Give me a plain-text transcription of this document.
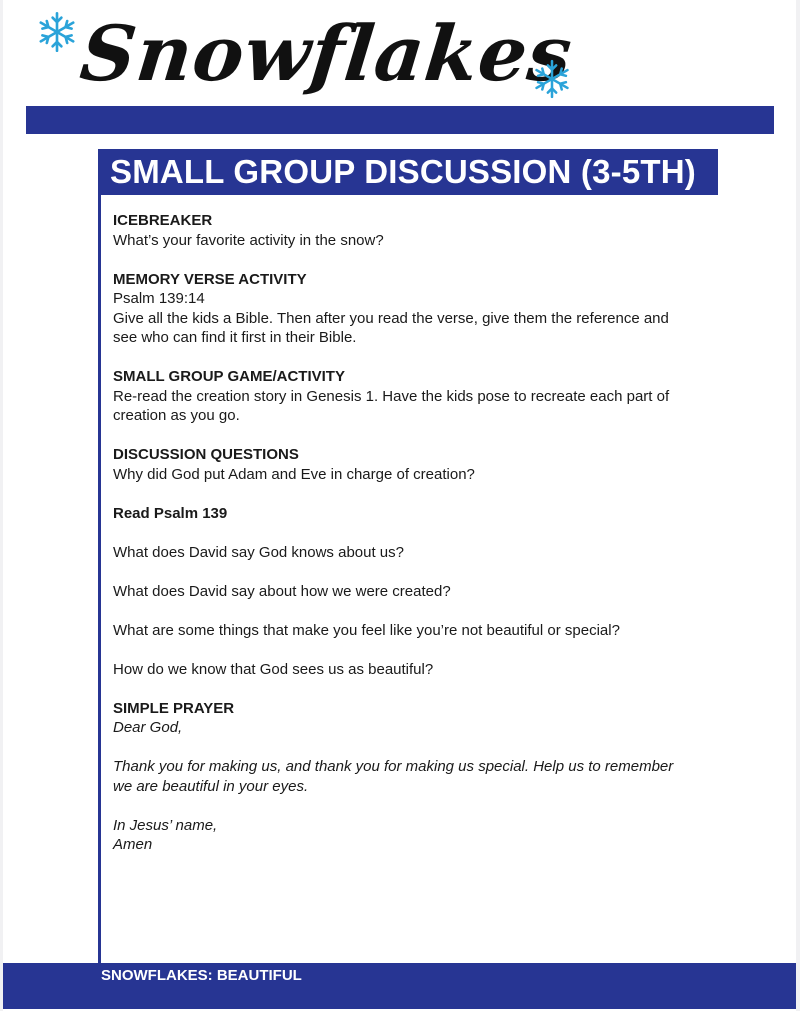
Snowflakes
SMALL GROUP DISCUSSION (3-5TH)
ICEBREAKER
What’s your favorite activity in the snow?
MEMORY VERSE ACTIVITY
Psalm 139:14
Give all the kids a Bible. Then after you read the verse, give them the reference and
see who can find it first in their Bible.
SMALL GROUP GAME/ACTIVITY
Re-read the creation story in Genesis 1. Have the kids pose to recreate each part of
creation as you go.
DISCUSSION QUESTIONS
Why did God put Adam and Eve in charge of creation?
Read Psalm 139
What does David say God knows about us?
What does David say about how we were created?
What are some things that make you feel like you’re not beautiful or special?
How do we know that God sees us as beautiful?
SIMPLE PRAYER
Dear God,
Thank you for making us, and thank you for making us special. Help us to remember
we are beautiful in your eyes.
In Jesus’ name,
Amen
SNOWFLAKES: BEAUTIFUL
